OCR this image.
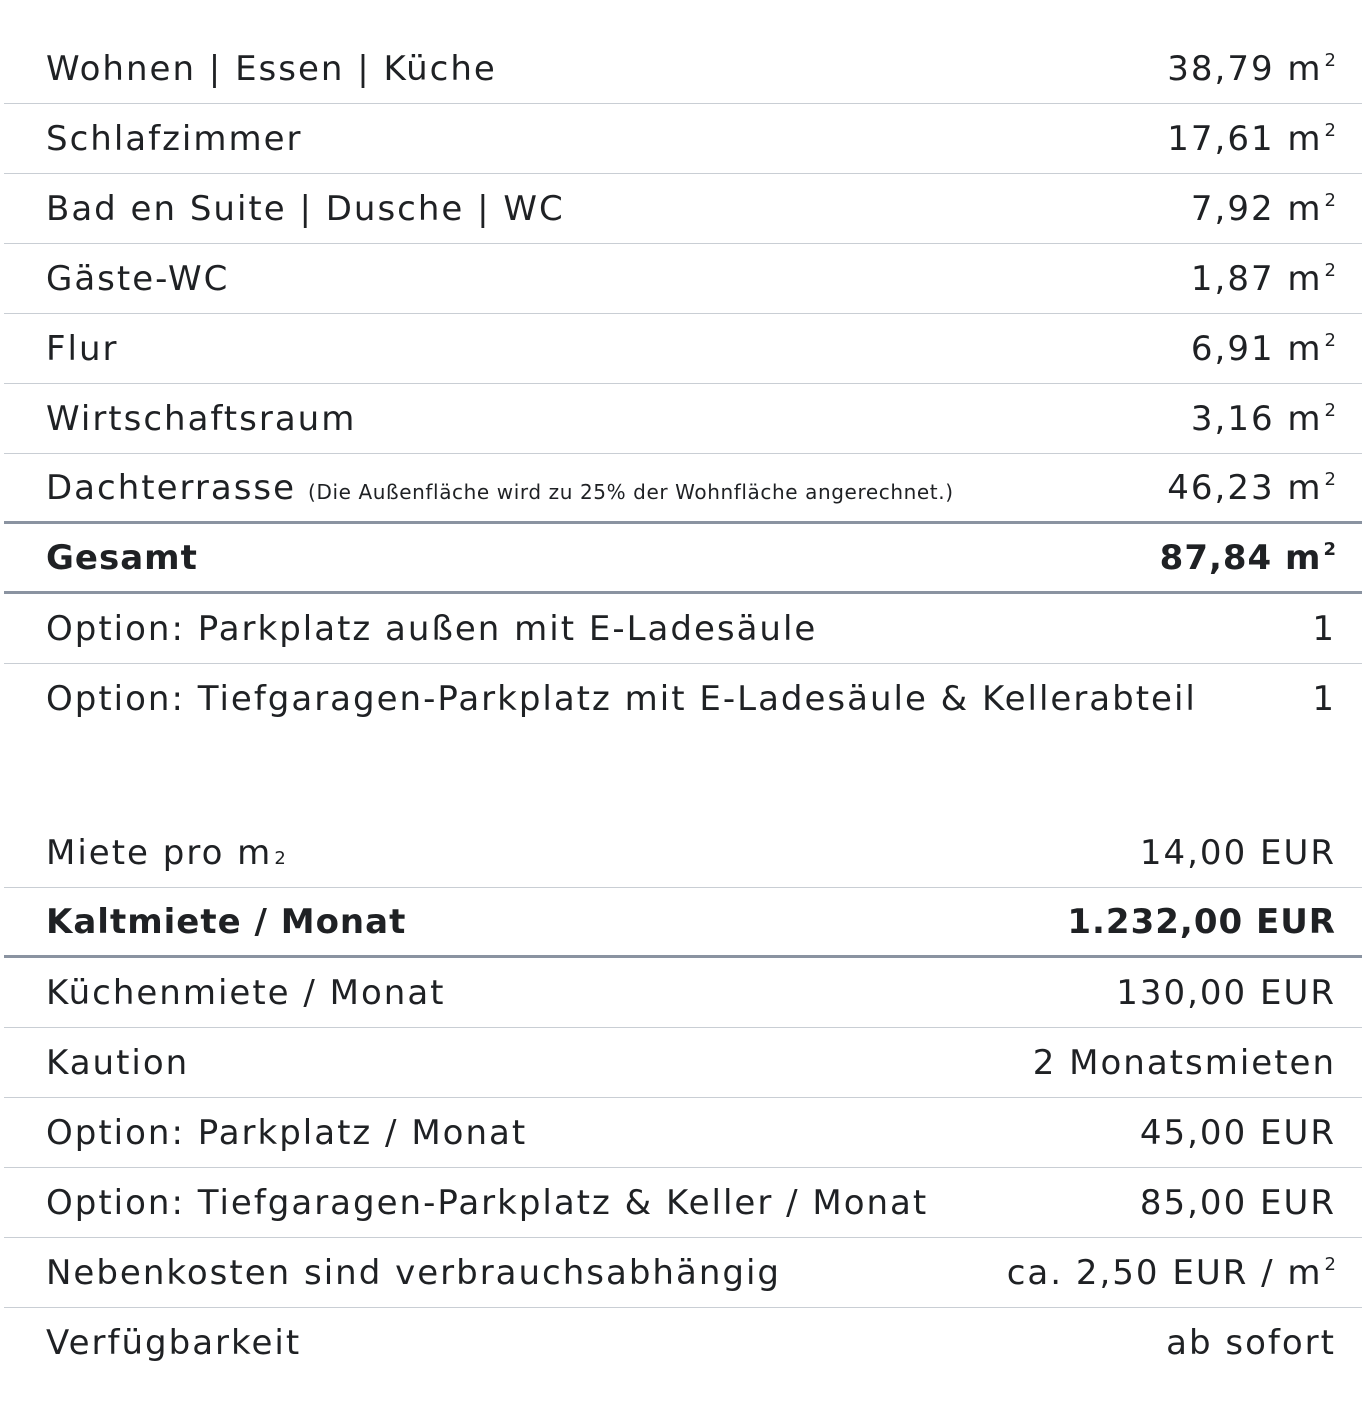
Wohnen | Essen | Küche	38,79 m $^2$
Schlafzimmer	17,61 m $^2$
Bad en Suite | Dusche | WC	7,92 m $^2$
Gäste-WC	1,87 m $^2$
Flur	6,91 m $^2$
Wirtschaftsraum	3,16 m $^2$
Dachterrasse (Die Außenfläche wird zu 25% der Wohnfläche angerechnet.)	46,23 m $^2$
Gesamt	87,84 m $^2$
Option: Parkplatz außen mit E-Ladesäule	1
Option: Tiefgaragen-Parkplatz mit E-Ladesäule & Kellerabteil	1
Miete pro m 2	14,00 EUR
Kaltmiete / Monat	1.232,00 EUR
Küchenmiete / Monat	130,00 EUR
Kaution	2 Monatsmieten
Option: Parkplatz / Monat	45,00 EUR
Option: Tiefgaragen-Parkplatz & Keller / Monat	85,00 EUR
Nebenkosten sind verbrauchsabhängig	ca. 2,50 EUR / m $^2$
Verfügbarkeit	ab sofort
